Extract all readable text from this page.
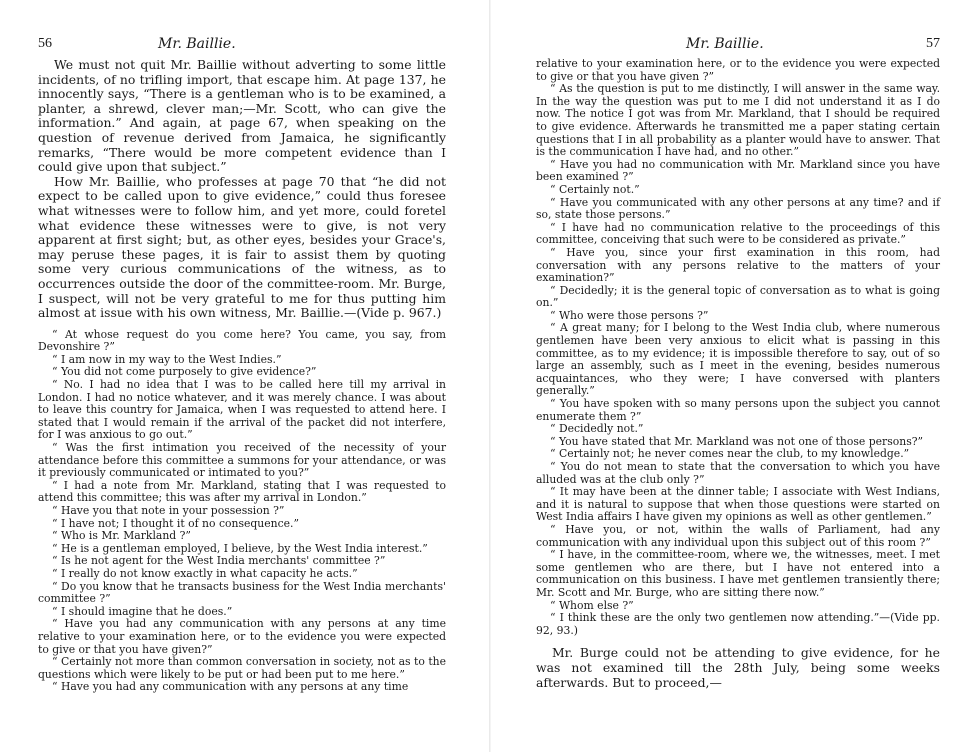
56	Mr. Baillie.

We must not quit Mr. Baillie without adverting to some little incidents, of no trifling import, that escape him. At page 137, he innocently says, “There is a gentleman who is to be examined, a planter, a shrewd, clever man;—Mr. Scott, who can give the information.” And again, at page 67, when speaking on the question of revenue derived from Jamaica, he significantly remarks, “There would be more competent evidence than I could give upon that subject.”

How Mr. Baillie, who professes at page 70 that “he did not expect to be called upon to give evidence,” could thus foresee what witnesses were to follow him, and yet more, could foretel what evidence these witnesses were to give, is not very apparent at first sight; but, as other eyes, besides your Grace's, may peruse these pages, it is fair to assist them by quoting some very curious communications of the witness, as to occurrences outside the door of the committee-room. Mr. Burge, I suspect, will not be very grateful to me for thus putting him almost at issue with his own witness, Mr. Baillie.—(Vide p. 967.)

“ At whose request do you come here? You came, you say, from Devonshire ?”

“ I am now in my way to the West Indies.”

“ You did not come purposely to give evidence?”

“ No. I had no idea that I was to be called here till my arrival in London. I had no notice whatever, and it was merely chance. I was about to leave this country for Jamaica, when I was requested to attend here. I stated that I would remain if the arrival of the packet did not interfere, for I was anxious to go out.”

“ Was the first intimation you received of the necessity of your attendance before this committee a summons for your attendance, or was it previously communicated or intimated to you?”

“ I had a note from Mr. Markland, stating that I was requested to attend this committee; this was after my arrival in London.”

“ Have you that note in your possession ?”

“ I have not; I thought it of no consequence.”

“ Who is Mr. Markland ?”

“ He is a gentleman employed, I believe, by the West India interest.”

“ Is he not agent for the West India merchants' committee ?”

“ I really do not know exactly in what capacity he acts.”

“ Do you know that he transacts business for the West India merchants' committee ?”

“ I should imagine that he does.”

“ Have you had any communication with any persons at any time relative to your examination here, or to the evidence you were expected to give or that you have given?”

“ Certainly not more than common conversation in society, not as to the questions which were likely to be put or had been put to me here.”

“ Have you had any communication with any persons at any time

Mr. Baillie.	57

relative to your examination here, or to the evidence you were expected to give or that you have given ?”

“ As the question is put to me distinctly, I will answer in the same way. In the way the question was put to me I did not understand it as I do now. The notice I got was from Mr. Markland, that I should be required to give evidence. Afterwards he transmitted me a paper stating certain questions that I in all probability as a planter would have to answer. That is the communication I have had, and no other.”

“ Have you had no communication with Mr. Markland since you have been examined ?”

“ Certainly not.”

“ Have you communicated with any other persons at any time? and if so, state those persons.”

“ I have had no communication relative to the proceedings of this committee, conceiving that such were to be considered as private.”

“ Have you, since your first examination in this room, had conversation with any persons relative to the matters of your examination?”

“ Decidedly; it is the general topic of conversation as to what is going on.”

“ Who were those persons ?”

“ A great many; for I belong to the West India club, where numerous gentlemen have been very anxious to elicit what is passing in this committee, as to my evidence; it is impossible therefore to say, out of so large an assembly, such as I meet in the evening, besides numerous acquaintances, who they were; I have conversed with planters generally.”

“ You have spoken with so many persons upon the subject you cannot enumerate them ?”

“ Decidedly not.”

“ You have stated that Mr. Markland was not one of those persons?”

“ Certainly not; he never comes near the club, to my knowledge.”

“ You do not mean to state that the conversation to which you have alluded was at the club only ?”

“ It may have been at the dinner table; I associate with West Indians, and it is natural to suppose that when those questions were started on West India affairs I have given my opinions as well as other gentlemen.”

“ Have you, or not, within the walls of Parliament, had any communication with any individual upon this subject out of this room ?”

“ I have, in the committee-room, where we, the witnesses, meet. I met some gentlemen who are there, but I have not entered into a communication on this business. I have met gentlemen transiently there; Mr. Scott and Mr. Burge, who are sitting there now.”

“ Whom else ?”

“ I think these are the only two gentlemen now attending.”—(Vide pp. 92, 93.)

Mr. Burge could not be attending to give evidence, for he was not examined till the 28th July, being some weeks afterwards. But to proceed,—
